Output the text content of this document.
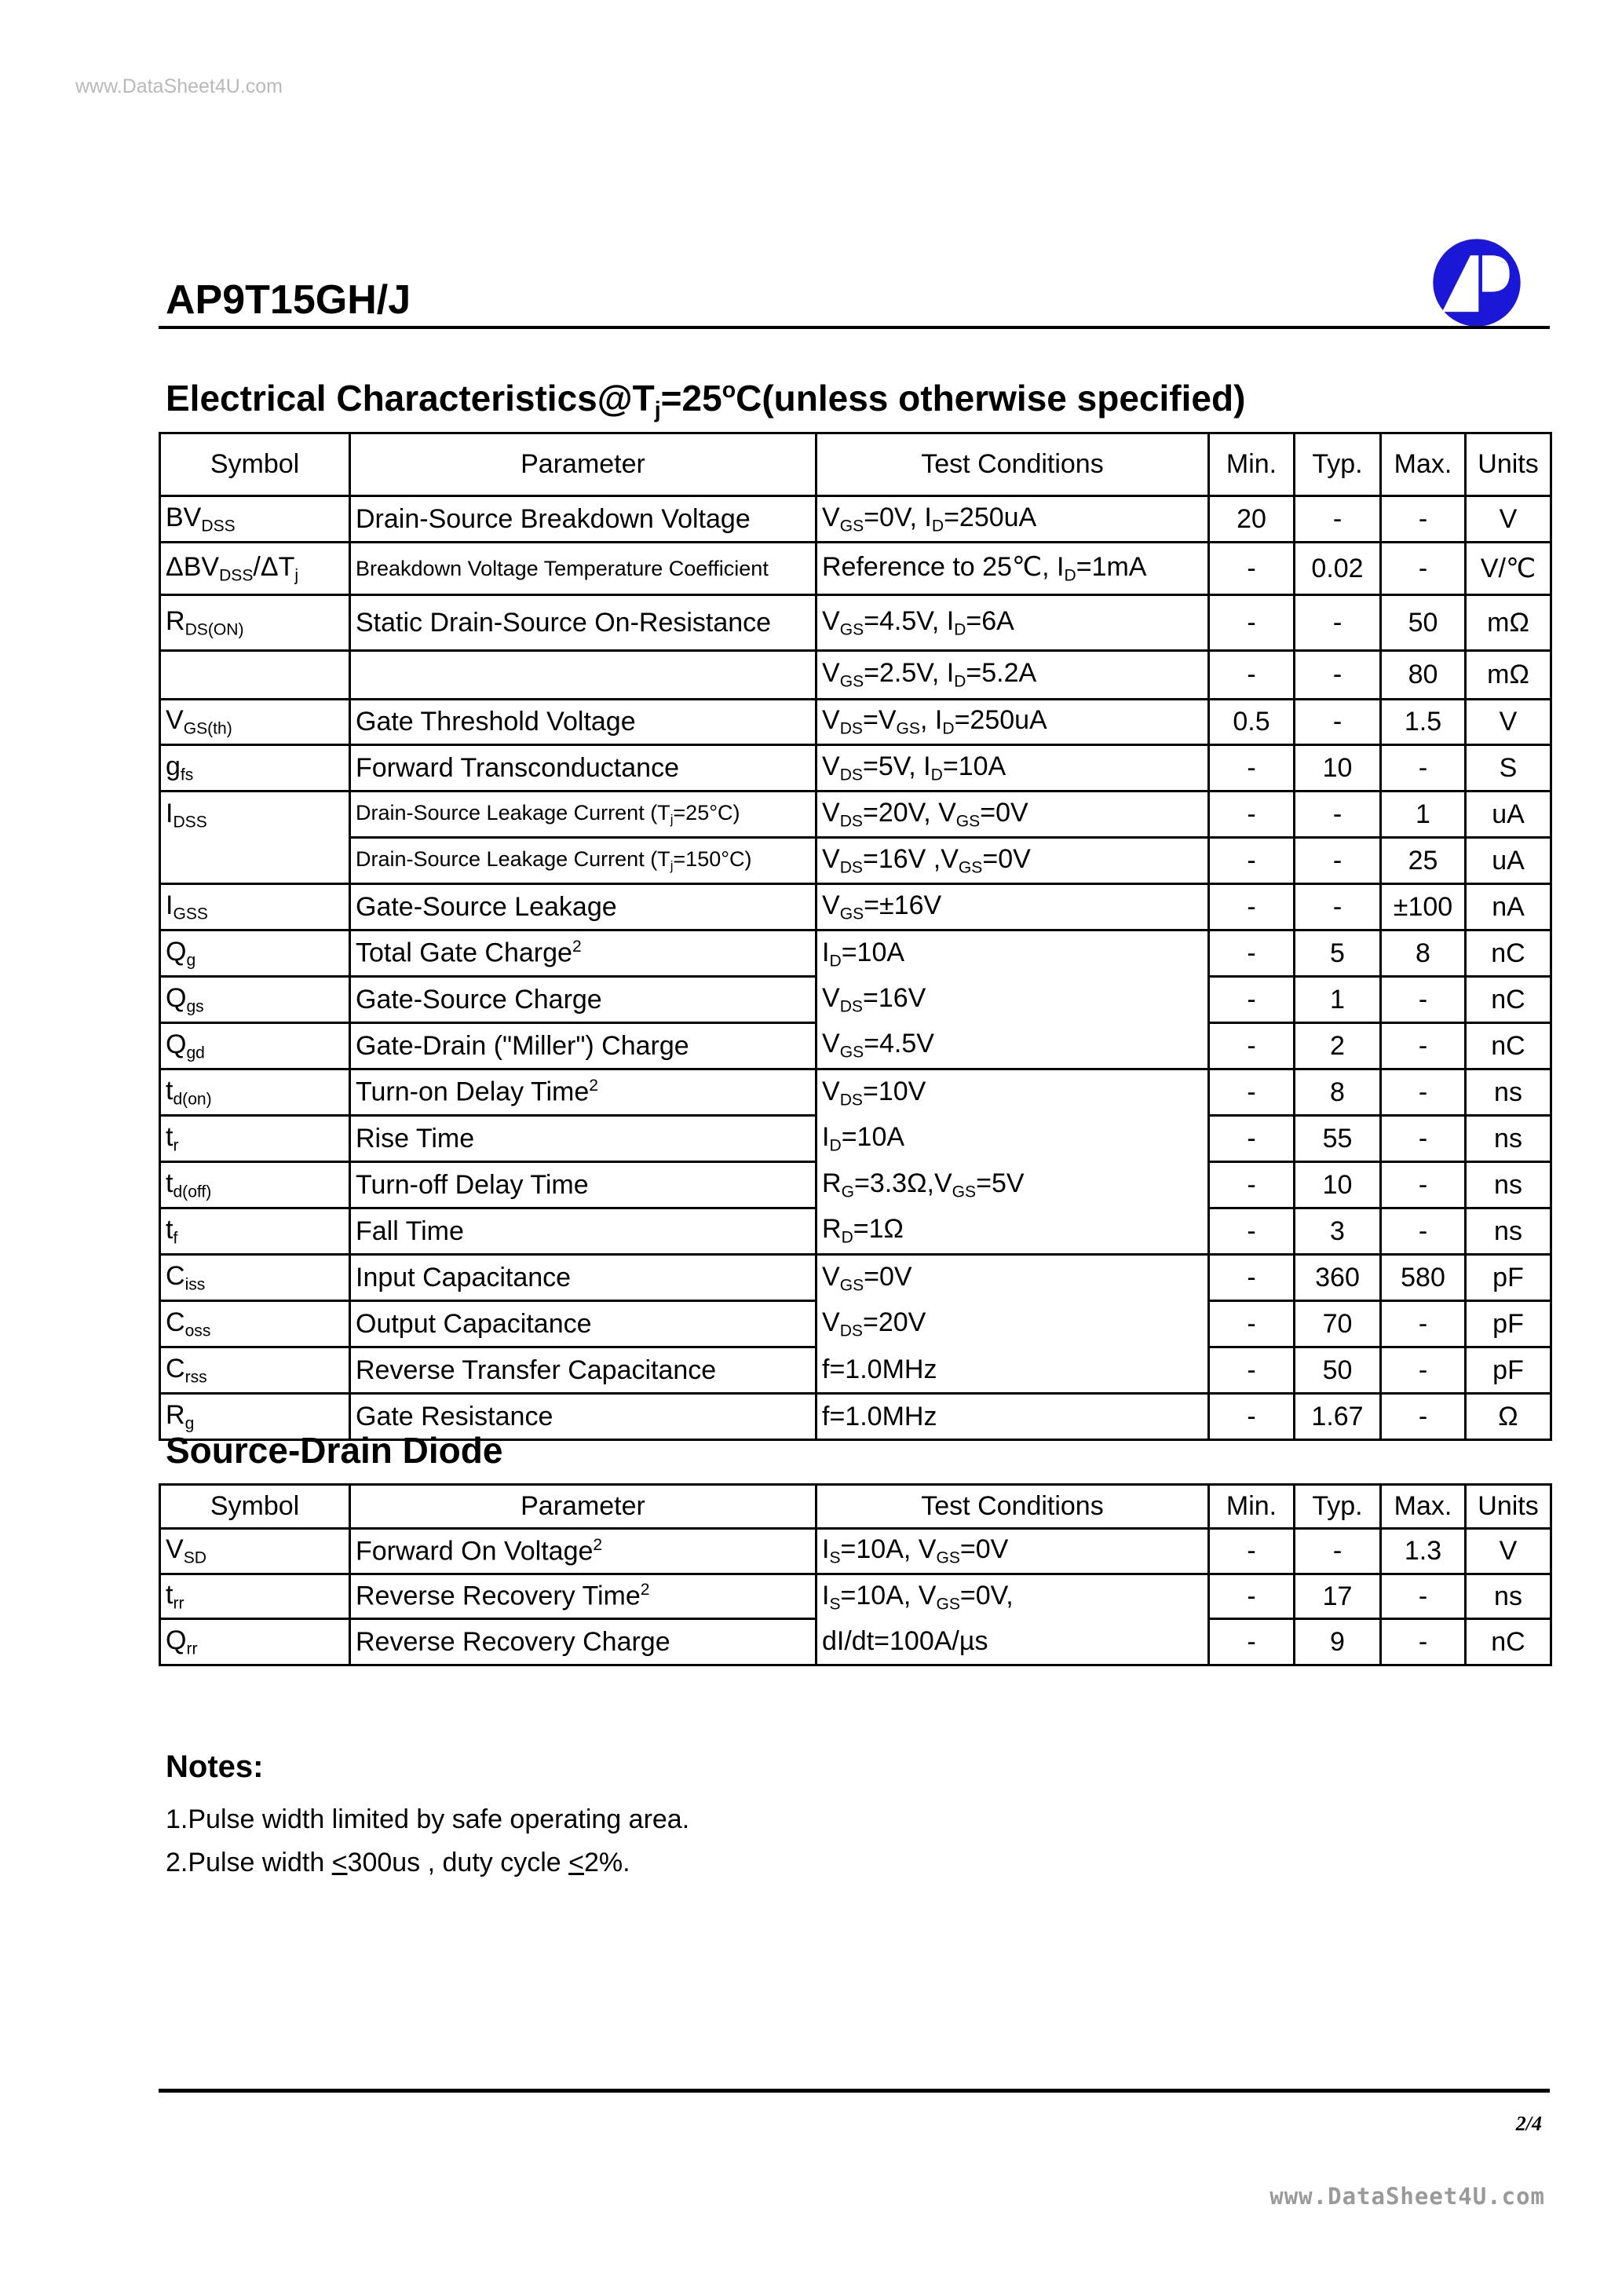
www.DataSheet4U.com
AP9T15GH/J
Electrical $Characteristics@T_j=25^oC(unless$ otherwise specified)
Symbol	Parameter	Test Conditions	Min.	Typ.	Max.	Units
$BV_{DSS}$	Drain-Source Breakdown Voltage	$V_{GS}=0V$, $I_D=250uA$	20	-	-	V
$\Delta BV_{DSS}/\Delta T_j$	Breakdown Voltage Temperature Coefficient	Reference to 25℃, $I_D=1mA$	-	0.02	-	V/℃
$R_{DS(ON)}$	Static Drain-Source On-Resistance	$V_{GS}=4.5V$, $I_D=6A$	-	-	50	mΩ
		$V_{GS}=2.5V$, $I_D=5.2A$	-	-	80	mΩ
$V_{GS(th)}$	Gate Threshold Voltage	$V_{DS}=V_{GS}$, $I_D=250uA$	0.5	-	1.5	V
$g_{fs}$	Forward Transconductance	$V_{DS}=5V$, $I_D=10A$	-	10	-	S
$I_{DSS}$	Drain-Source Leakage Current $(T_j=25^\circ C)$	$V_{DS}=20V$, $V_{GS}=0V$	-	-	1	uA
	Drain-Source Leakage Current $(T_j=150^\circ C)$	$V_{DS}=16V$ $,V_{GS}=0V$	-	-	25	uA
$I_{GSS}$	Gate-Source Leakage	$V_{GS}=\pm 16V$	-	-	±100	nA
$Q_g$	Total Gate Charge$^2$	$I_D=10A$	-	5	8	nC
$Q_{gs}$	Gate-Source Charge	$V_{DS}=16V$	-	1	-	nC
$Q_{gd}$	Gate-Drain ("Miller") Charge	$V_{GS}=4.5V$	-	2	-	nC
$t_{d(on)}$	Turn-on Delay Time$^2$	$V_{DS}=10V$	-	8	-	ns
$t_r$	Rise Time	$I_D=10A$	-	55	-	ns
$t_{d(off)}$	Turn-off Delay Time	$R_G=3.3\Omega,V_{GS}=5V$	-	10	-	ns
$t_f$	Fall Time	$R_D=1\Omega$	-	3	-	ns
$C_{iss}$	Input Capacitance	$V_{GS}=0V$	-	360	580	pF
$C_{oss}$	Output Capacitance	$V_{DS}=20V$	-	70	-	pF
$C_{rss}$	Reverse Transfer Capacitance	f=1.0MHz	-	50	-	pF
$R_g$	Gate Resistance	f=1.0MHz	-	1.67	-	Ω
Source-Drain Diode
Symbol	Parameter	Test Conditions	Min.	Typ.	Max.	Units
$V_{SD}$	Forward On Voltage$^2$	$I_S=10A$, $V_{GS}=0V$	-	-	1.3	V
$t_{rr}$	Reverse Recovery Time$^2$	$I_S=10A$, $V_{GS}=0V$,	-	17	-	ns
$Q_{rr}$	Reverse Recovery Charge	dI/dt=100A/µs	-	9	-	nC
Notes:
1.Pulse width limited by safe operating area.
2.Pulse width <300us , duty cycle <2%.
2/4
www.DataSheet4U.com
